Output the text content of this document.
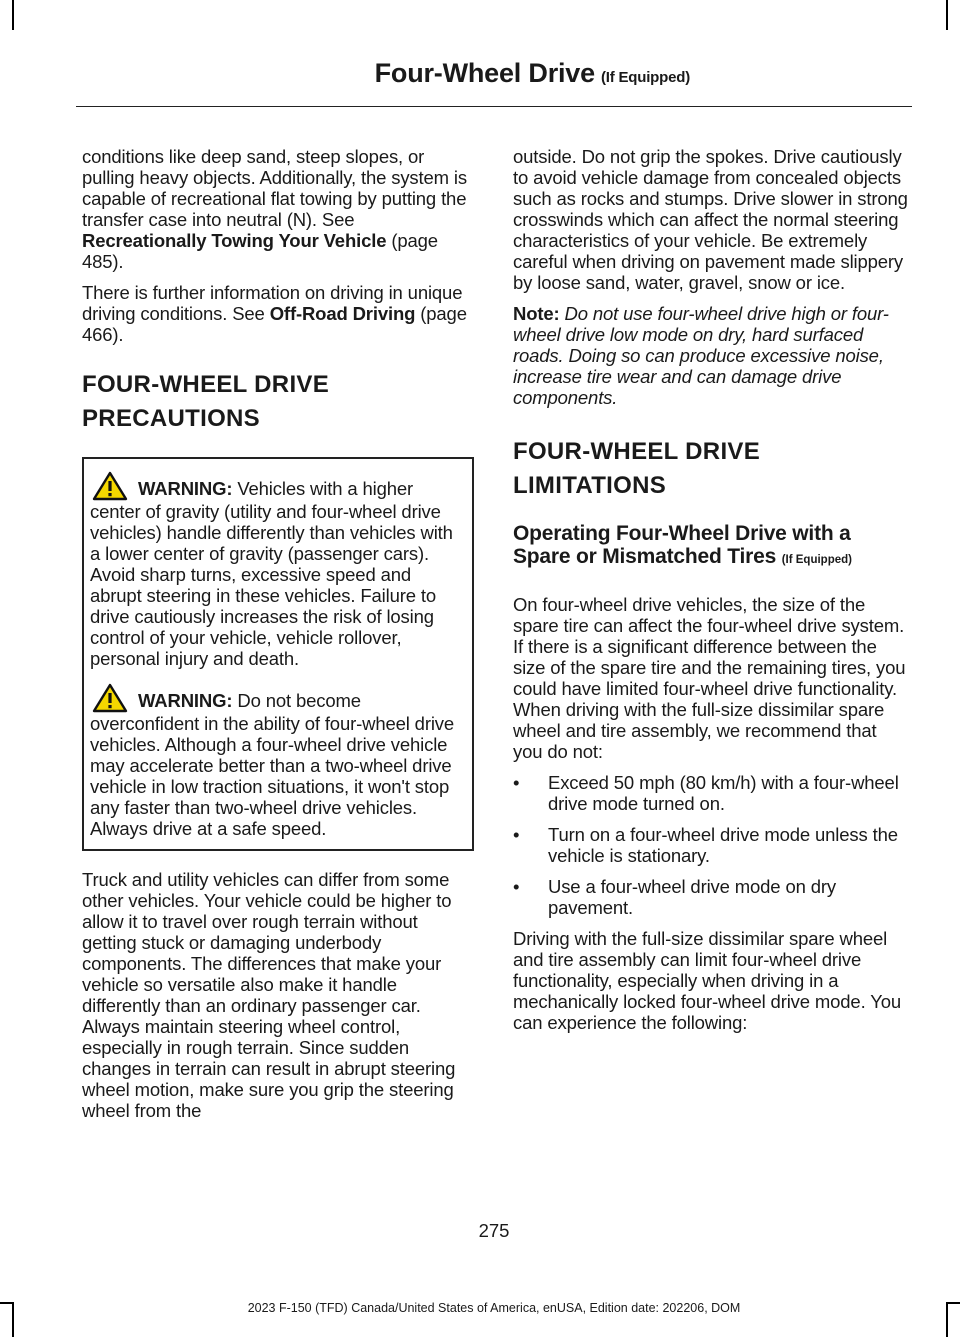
Four-Wheel Drive (If Equipped)

conditions like deep sand, steep slopes, or pulling heavy objects. Additionally, the system is capable of recreational flat towing by putting the transfer case into neutral (N). See Recreationally Towing Your Vehicle (page 485).

There is further information on driving in unique driving conditions. See Off-Road Driving (page 466).

FOUR-WHEEL DRIVE
PRECAUTIONS

WARNING: Vehicles with a higher center of gravity (utility and four-wheel drive vehicles) handle differently than vehicles with a lower center of gravity (passenger cars). Avoid sharp turns, excessive speed and abrupt steering in these vehicles. Failure to drive cautiously increases the risk of losing control of your vehicle, vehicle rollover, personal injury and death.

WARNING: Do not become overconfident in the ability of four-wheel drive vehicles. Although a four-wheel drive vehicle may accelerate better than a two-wheel drive vehicle in low traction situations, it won't stop any faster than two-wheel drive vehicles. Always drive at a safe speed.

Truck and utility vehicles can differ from some other vehicles. Your vehicle could be higher to allow it to travel over rough terrain without getting stuck or damaging underbody components. The differences that make your vehicle so versatile also make it handle differently than an ordinary passenger car. Always maintain steering wheel control, especially in rough terrain. Since sudden changes in terrain can result in abrupt steering wheel motion, make sure you grip the steering wheel from the

outside. Do not grip the spokes. Drive cautiously to avoid vehicle damage from concealed objects such as rocks and stumps. Drive slower in strong crosswinds which can affect the normal steering characteristics of your vehicle. Be extremely careful when driving on pavement made slippery by loose sand, water, gravel, snow or ice.

Note: Do not use four-wheel drive high or four-wheel drive low mode on dry, hard surfaced roads. Doing so can produce excessive noise, increase tire wear and can damage drive components.

FOUR-WHEEL DRIVE
LIMITATIONS
Operating Four-Wheel Drive with a Spare or Mismatched Tires (If Equipped)

On four-wheel drive vehicles, the size of the spare tire can affect the four-wheel drive system. If there is a significant difference between the size of the spare tire and the remaining tires, you could have limited four-wheel drive functionality. When driving with the full-size dissimilar spare wheel and tire assembly, we recommend that you do not:

• Exceed 50 mph (80 km/h) with a four-wheel drive mode turned on.
• Turn on a four-wheel drive mode unless the vehicle is stationary.
• Use a four-wheel drive mode on dry pavement.

Driving with the full-size dissimilar spare wheel and tire assembly can limit four-wheel drive functionality, especially when driving in a mechanically locked four-wheel drive mode. You can experience the following:

275
2023 F-150 (TFD) Canada/United States of America, enUSA, Edition date: 202206, DOM
